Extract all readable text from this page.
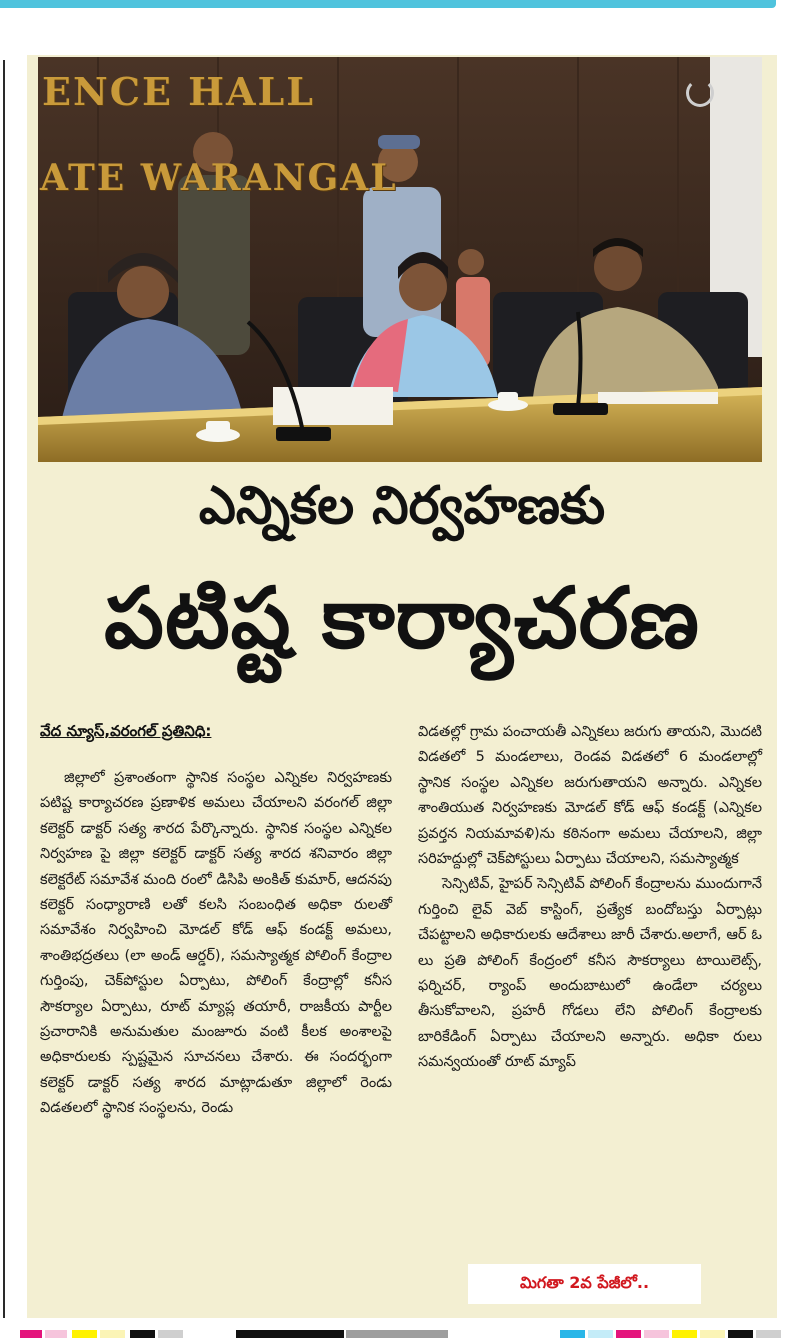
ENCE HALL
ATE WARANGAL
ఎన్నికల నిర్వహణకు
పటిష్ట కార్యాచరణ
వేద న్యూస్,వరంగల్ ప్రతినిధి:

జిల్లాలో ప్రశాంతంగా స్థానిక సంస్థల ఎన్నికల నిర్వహణకు పటిష్ట కార్యాచరణ ప్రణాళిక అమలు చేయాలని వరంగల్ జిల్లా కలెక్టర్ డాక్టర్ సత్య శారద పేర్కొన్నారు. స్థానిక సంస్థల ఎన్నికల నిర్వహణ పై జిల్లా కలెక్టర్ డాక్టర్ సత్య శారద శనివారం జిల్లా కలెక్టరేట్ సమావేశ మంది రంలో డిసిపి అంకిత్ కుమార్, ఆదనపు కలెక్టర్ సంధ్యారాణి లతో కలసి సంబంధిత అధికా రులతో సమావేశం నిర్వహించి మోడల్ కోడ్ ఆఫ్ కండక్ట్ అమలు, శాంతిభద్రతలు (లా అండ్ ఆర్డర్), సమస్యాత్మక పోలింగ్ కేంద్రాల గుర్తింపు, చెక్‌పోస్టుల ఏర్పాటు, పోలింగ్ కేంద్రాల్లో కనీస సౌకర్యాల ఏర్పాటు, రూట్ మ్యాప్ల తయారీ, రాజకీయ పార్టీల ప్రచారానికి అనుమతుల మంజూరు వంటి కీలక అంశాలపై అధికారులకు స్పష్టమైన సూచనలు చేశారు. ఈ సందర్భంగా కలెక్టర్ డాక్టర్ సత్య శారద మాట్లాడుతూ జిల్లాలో రెండు విడతలలో స్థానిక సంస్థలను, రెండు

విడతల్లో గ్రామ పంచాయతీ ఎన్నికలు జరుగు తాయని, మొదటి విడతలో 5 మండలాలు, రెండవ విడతలో 6 మండలాల్లో స్థానిక సంస్థల ఎన్నికల జరుగుతాయని అన్నారు. ఎన్నికల శాంతియుత నిర్వహణకు మోడల్ కోడ్ ఆఫ్ కండక్ట్ (ఎన్నికల ప్రవర్తన నియమావళి)ను కఠినంగా అమలు చేయాలని, జిల్లా సరిహద్దుల్లో చెక్‌పోస్టులు ఏర్పాటు చేయాలని, సమస్యాత్మక

సెన్సిటివ్, హైపర్ సెన్సిటివ్ పోలింగ్ కేంద్రాలను ముందుగానే గుర్తించి లైవ్ వెబ్ కాస్టింగ్, ప్రత్యేక బందోబస్తు ఏర్పాట్లు చేపట్టాలని అధికారులకు ఆదేశాలు జారీ చేశారు.అలాగే, ఆర్ ఓ లు ప్రతి పోలింగ్ కేంద్రంలో కనీస సౌకర్యాలు టాయిలెట్స్, ఫర్నిచర్, ర్యాంప్ అందుబాటులో ఉండేలా చర్యలు తీసుకోవాలని, ప్రహరీ గోడలు లేని పోలింగ్ కేంద్రాలకు బారికేడింగ్ ఏర్పాటు చేయాలని అన్నారు. అధికా రులు సమన్వయంతో రూట్ మ్యాప్

మిగతా 2వ పేజీలో..
